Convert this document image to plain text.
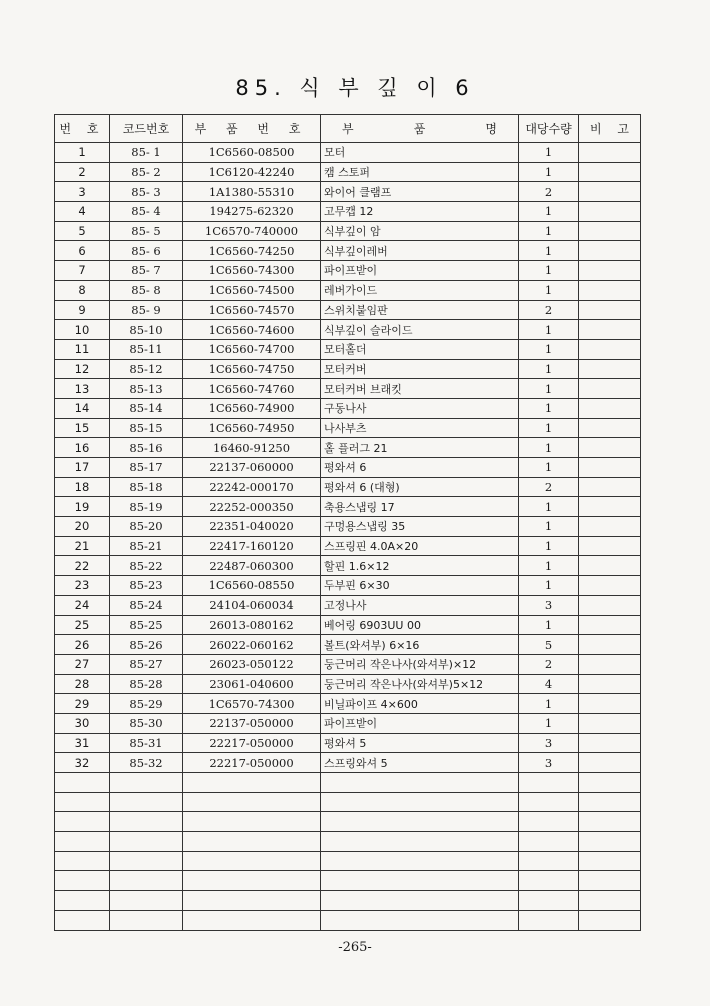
85. 식 부 깊 이 6
번 호	코드번호	부 품 번 호	부 품 명	대당수량	비 고

1	85- 1	1C6560-08500	모터	1	
2	85- 2	1C6120-42240	캠 스토퍼	1	
3	85- 3	1A1380-55310	와이어 클램프	2	
4	85- 4	194275-62320	고무캡 12	1	
5	85- 5	1C6570-740000	식부깊이 암	1	
6	85- 6	1C6560-74250	식부깊이레버	1	
7	85- 7	1C6560-74300	파이프받이	1	
8	85- 8	1C6560-74500	레버가이드	1	
9	85- 9	1C6560-74570	스위치붙임판	2	
10	85-10	1C6560-74600	식부깊이 슬라이드	1	
11	85-11	1C6560-74700	모터홀더	1	
12	85-12	1C6560-74750	모터커버	1	
13	85-13	1C6560-74760	모터커버 브래킷	1	
14	85-14	1C6560-74900	구동나사	1	
15	85-15	1C6560-74950	나사부츠	1	
16	85-16	16460-91250	홀 플러그 21	1	
17	85-17	22137-060000	평와셔 6	1	
18	85-18	22242-000170	평와셔 6 (대형)	2	
19	85-19	22252-000350	축용스냅링 17	1	
20	85-20	22351-040020	구멍용스냅링 35	1	
21	85-21	22417-160120	스프링핀 4.0A×20	1	
22	85-22	22487-060300	할핀 1.6×12	1	
23	85-23	1C6560-08550	두부핀 6×30	1	
24	85-24	24104-060034	고정나사	3	
25	85-25	26013-080162	베어링 6903UU 00	1	
26	85-26	26022-060162	볼트(와셔부) 6×16	5	
27	85-27	26023-050122	둥근머리 작은나사(와셔부)×12	2	
28	85-28	23061-040600	둥근머리 작은나사(와셔부)5×12	4	
29	85-29	1C6570-74300	비닐파이프 4×600	1	
30	85-30	22137-050000	파이프받이	1	
31	85-31	22217-050000	평와셔 5	3	
32	85-32	22217-050000	스프링와셔 5	3	

-265-
